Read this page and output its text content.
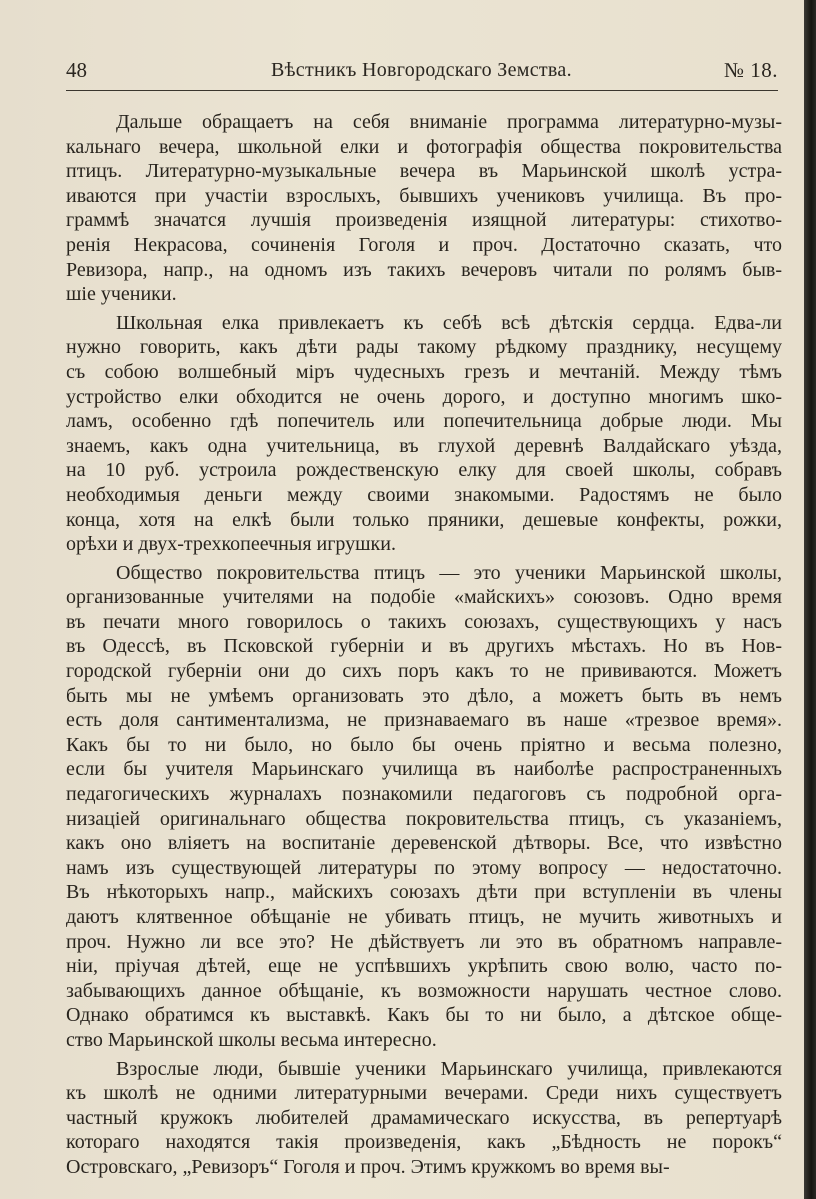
48	Вѣстникъ Новгородскаго Земства.	№ 18.
Дальше обращаетъ на себя вниманіе программа литературно-музы-
кальнаго вечера, школьной елки и фотографія общества покровительства
птицъ. Литературно-музыкальные вечера въ Марьинской школѣ устра-
иваются при участіи взрослыхъ, бывшихъ учениковъ училища. Въ про-
граммѣ значатся лучшія произведенія изящной литературы: стихотво-
ренія Некрасова, сочиненія Гоголя и проч. Достаточно сказать, что
Ревизора, напр., на одномъ изъ такихъ вечеровъ читали по ролямъ быв-
шіе ученики.
Школьная елка привлекаетъ къ себѣ всѣ дѣтскія сердца. Едва-ли
нужно говорить, какъ дѣти рады такому рѣдкому празднику, несущему
съ собою волшебный міръ чудесныхъ грезъ и мечтаній. Между тѣмъ
устройство елки обходится не очень дорого, и доступно многимъ шко-
ламъ, особенно гдѣ попечитель или попечительница добрые люди. Мы
знаемъ, какъ одна учительница, въ глухой деревнѣ Валдайскаго уѣзда,
на 10 руб. устроила рождественскую елку для своей школы, собравъ
необходимыя деньги между своими знакомыми. Радостямъ не было
конца, хотя на елкѣ были только пряники, дешевые конфекты, рожки,
орѣхи и двух-трехкопеечныя игрушки.
Общество покровительства птицъ — это ученики Марьинской школы,
организованные учителями на подобіе «майскихъ» союзовъ. Одно время
въ печати много говорилось о такихъ союзахъ, существующихъ у насъ
въ Одессѣ, въ Псковской губерніи и въ другихъ мѣстахъ. Но въ Нов-
городской губерніи они до сихъ поръ какъ то не прививаются. Можетъ
быть мы не умѣемъ организовать это дѣло, а можетъ быть въ немъ
есть доля сантиментализма, не признаваемаго въ наше «трезвое время».
Какъ бы то ни было, но было бы очень пріятно и весьма полезно,
если бы учителя Марьинскаго училища въ наиболѣе распространенныхъ
педагогическихъ журналахъ познакомили педагоговъ съ подробной орга-
низацiей оригинальнаго общества покровительства птицъ, съ указаніемъ,
какъ оно вліяетъ на воспитаніе деревенской дѣтворы. Все, что извѣстно
намъ изъ существующей литературы по этому вопросу — недостаточно.
Въ нѣкоторыхъ напр., майскихъ союзахъ дѣти при вступленіи въ члены
даютъ клятвенное обѣщаніе не убивать птицъ, не мучить животныхъ и
проч. Нужно ли все это? Не дѣйствуетъ ли это въ обратномъ направле-
ніи, пріучая дѣтей, еще не успѣвшихъ укрѣпить свою волю, часто по-
забывающихъ данное обѣщаніе, къ возможности нарушать честное слово.
Однако обратимся къ выставкѣ. Какъ бы то ни было, а дѣтское обще-
ство Марьинской школы весьма интересно.
Взрослые люди, бывшіе ученики Марьинскаго училища, привлекаются
къ школѣ не одними литературными вечерами. Среди нихъ существуетъ
частный кружокъ любителей драмамическаго искусства, въ репертуарѣ
котораго находятся такія произведенія, какъ „Бѣдность не порокъ“
Островскаго, „Ревизоръ“ Гоголя и проч. Этимъ кружкомъ во время вы-
